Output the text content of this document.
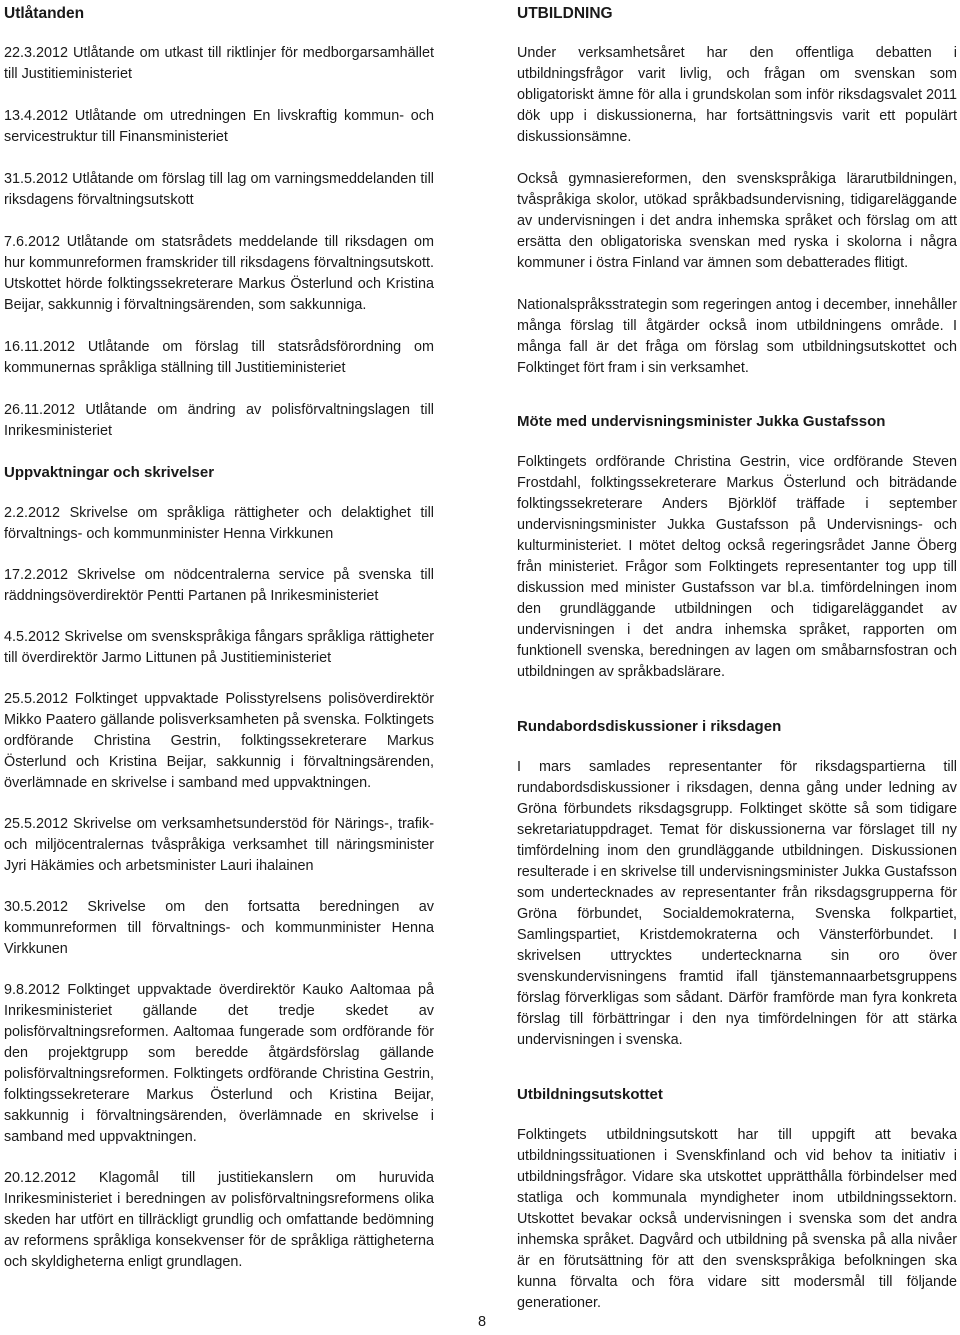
Utlåtanden

22.3.2012 Utlåtande om utkast till riktlinjer för medborgarsamhället till Justitieministeriet

13.4.2012 Utlåtande om utredningen En livskraftig kommun- och servicestruktur till Finansministeriet

31.5.2012 Utlåtande om förslag till lag om varningsmeddelanden till riksdagens förvaltningsutskott

7.6.2012 Utlåtande om statsrådets meddelande till riksdagen om hur kommunreformen framskrider till riksdagens förvaltningsutskott. Utskottet hörde folktingssekreterare Markus Österlund och Kristina Beijar, sakkunnig i förvaltningsärenden, som sakkunniga.

16.11.2012 Utlåtande om förslag till statsrådsförordning om kommunernas språkliga ställning till Justitieministeriet

26.11.2012 Utlåtande om ändring av polisförvaltningslagen till Inrikesministeriet

Uppvaktningar och skrivelser

2.2.2012 Skrivelse om språkliga rättigheter och delaktighet till förvaltnings- och kommunminister Henna Virkkunen

17.2.2012 Skrivelse om nödcentralerna service på svenska till räddningsöverdirektör Pentti Partanen på Inrikesministeriet

4.5.2012 Skrivelse om svenskspråkiga fångars språkliga rättigheter till överdirektör Jarmo Littunen på Justitieministeriet

25.5.2012 Folktinget uppvaktade Polisstyrelsens polisöverdirektör Mikko Paatero gällande polisverksamheten på svenska. Folktingets ordförande Christina Gestrin, folktingssekreterare Markus Österlund och Kristina Beijar, sakkunnig i förvaltningsärenden, överlämnade en skrivelse i samband med uppvaktningen.

25.5.2012 Skrivelse om verksamhetsunderstöd för Närings-, trafik- och miljöcentralernas tvåspråkiga verksamhet till näringsminister Jyri Häkämies och arbetsminister Lauri ihalainen

30.5.2012 Skrivelse om den fortsatta beredningen av kommunreformen till förvaltnings- och kommunminister Henna Virkkunen

9.8.2012 Folktinget uppvaktade överdirektör Kauko Aaltomaa på Inrikesministeriet gällande det tredje skedet av polisförvaltningsreformen. Aaltomaa fungerade som ordförande för den projektgrupp som beredde åtgärdsförslag gällande polisförvaltningsreformen. Folktingets ordförande Christina Gestrin, folktingssekreterare Markus Österlund och Kristina Beijar, sakkunnig i förvaltningsärenden, överlämnade en skrivelse i samband med uppvaktningen.

20.12.2012 Klagomål till justitiekanslern om huruvida Inrikesministeriet i beredningen av polisförvaltningsreformens olika skeden har utfört en tillräckligt grundlig och omfattande bedömning av reformens språkliga konsekvenser för de språkliga rättigheterna och skyldigheterna enligt grundlagen.

UTBILDNING

Under verksamhetsåret har den offentliga debatten i utbildningsfrågor varit livlig, och frågan om svenskan som obligatoriskt ämne för alla i grundskolan som inför riksdagsvalet 2011 dök upp i diskussionerna, har fortsättningsvis varit ett populärt diskussionsämne.

Också gymnasiereformen, den svenskspråkiga lärarutbildningen, tvåspråkiga skolor, utökad språkbadsundervisning, tidigareläggande av undervisningen i det andra inhemska språket och förslag om att ersätta den obligatoriska svenskan med ryska i skolorna i några kommuner i östra Finland var ämnen som debatterades flitigt.

Nationalspråksstrategin som regeringen antog i december, innehåller många förslag till åtgärder också inom utbildningens område. I många fall är det fråga om förslag som utbildningsutskottet och Folktinget fört fram i sin verksamhet.

Möte med undervisningsminister Jukka Gustafsson

Folktingets ordförande Christina Gestrin, vice ordförande Steven Frostdahl, folktingssekreterare Markus Österlund och biträdande folktingssekreterare Anders Björklöf träffade i september undervisningsminister Jukka Gustafsson på Undervisnings- och kulturministeriet. I mötet deltog också regeringsrådet Janne Öberg från ministeriet. Frågor som Folktingets representanter tog upp till diskussion med minister Gustafsson var bl.a. timfördelningen inom den grundläggande utbildningen och tidigareläggandet av undervisningen i det andra inhemska språket, rapporten om funktionell svenska, beredningen av lagen om småbarnsfostran och utbildningen av språkbadslärare.

Rundabordsdiskussioner i riksdagen

I mars samlades representanter för riksdagspartierna till rundabordsdiskussioner i riksdagen, denna gång under ledning av Gröna förbundets riksdagsgrupp. Folktinget skötte så som tidigare sekretariatuppdraget. Temat för diskussionerna var förslaget till ny timfördelning inom den grundläggande utbildningen. Diskussionen resulterade i en skrivelse till undervisningsminister Jukka Gustafsson som undertecknades av representanter från riksdagsgrupperna för Gröna förbundet, Socialdemokraterna, Svenska folkpartiet, Samlingspartiet, Kristdemokraterna och Vänsterförbundet. I skrivelsen uttrycktes undertecknarna sin oro över svenskundervisningens framtid ifall tjänstemannaarbetsgruppens förslag förverkligas som sådant. Därför framförde man fyra konkreta förslag till förbättringar i den nya timfördelningen för att stärka undervisningen i svenska.

Utbildningsutskottet

Folktingets utbildningsutskott har till uppgift att bevaka utbildningssituationen i Svenskfinland och vid behov ta initiativ i utbildningsfrågor. Vidare ska utskottet upprätthålla förbindelser med statliga och kommunala myndigheter inom utbildningssektorn. Utskottet bevakar också undervisningen i svenska som det andra inhemska språket. Dagvård och utbildning på svenska på alla nivåer är en förutsättning för att den svenskspråkiga befolkningen ska kunna förvalta och föra vidare sitt modersmål till följande generationer.

8
